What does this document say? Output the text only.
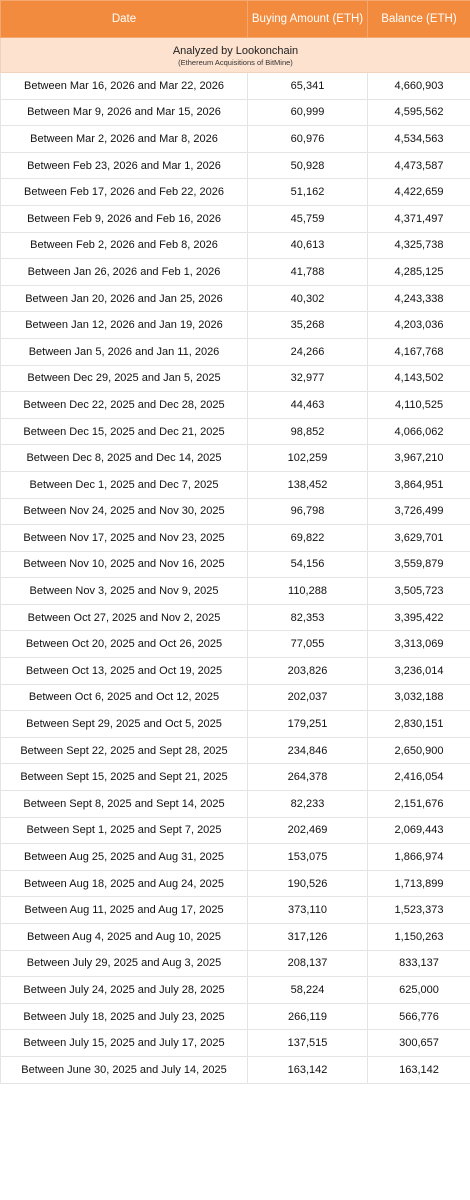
Date	Buying Amount (ETH)	Balance (ETH)

Analyzed by Lookonchain
(Ethereum Acquisitions of BitMine)		

Between Mar 16, 2026 and Mar 22, 2026	65,341	4,660,903
Between Mar 9, 2026 and Mar 15, 2026	60,999	4,595,562
Between Mar 2, 2026 and Mar 8, 2026	60,976	4,534,563
Between Feb 23, 2026 and Mar 1, 2026	50,928	4,473,587
Between Feb 17, 2026 and Feb 22, 2026	51,162	4,422,659
Between Feb 9, 2026 and Feb 16, 2026	45,759	4,371,497
Between Feb 2, 2026 and Feb 8, 2026	40,613	4,325,738
Between Jan 26, 2026 and Feb 1, 2026	41,788	4,285,125
Between Jan 20, 2026 and Jan 25, 2026	40,302	4,243,338
Between Jan 12, 2026 and Jan 19, 2026	35,268	4,203,036
Between Jan 5, 2026 and Jan 11, 2026	24,266	4,167,768
Between Dec 29, 2025 and Jan 5, 2025	32,977	4,143,502
Between Dec 22, 2025 and Dec 28, 2025	44,463	4,110,525
Between Dec 15, 2025 and Dec 21, 2025	98,852	4,066,062
Between Dec 8, 2025 and Dec 14, 2025	102,259	3,967,210
Between Dec 1, 2025 and Dec 7, 2025	138,452	3,864,951
Between Nov 24, 2025 and Nov 30, 2025	96,798	3,726,499
Between Nov 17, 2025 and Nov 23, 2025	69,822	3,629,701
Between Nov 10, 2025 and Nov 16, 2025	54,156	3,559,879
Between Nov 3, 2025 and Nov 9, 2025	110,288	3,505,723
Between Oct 27, 2025 and Nov 2, 2025	82,353	3,395,422
Between Oct 20, 2025 and Oct 26, 2025	77,055	3,313,069
Between Oct 13, 2025 and Oct 19, 2025	203,826	3,236,014
Between Oct 6, 2025 and Oct 12, 2025	202,037	3,032,188
Between Sept 29, 2025 and Oct 5, 2025	179,251	2,830,151
Between Sept 22, 2025 and Sept 28, 2025	234,846	2,650,900
Between Sept 15, 2025 and Sept 21, 2025	264,378	2,416,054
Between Sept 8, 2025 and Sept 14, 2025	82,233	2,151,676
Between Sept 1, 2025 and Sept 7, 2025	202,469	2,069,443
Between Aug 25, 2025 and Aug 31, 2025	153,075	1,866,974
Between Aug 18, 2025 and Aug 24, 2025	190,526	1,713,899
Between Aug 11, 2025 and Aug 17, 2025	373,110	1,523,373
Between Aug 4, 2025 and Aug 10, 2025	317,126	1,150,263
Between July 29, 2025 and Aug 3, 2025	208,137	833,137
Between July 24, 2025 and July 28, 2025	58,224	625,000
Between July 18, 2025 and July 23, 2025	266,119	566,776
Between July 15, 2025 and July 17, 2025	137,515	300,657
Between June 30, 2025 and July 14, 2025	163,142	163,142
